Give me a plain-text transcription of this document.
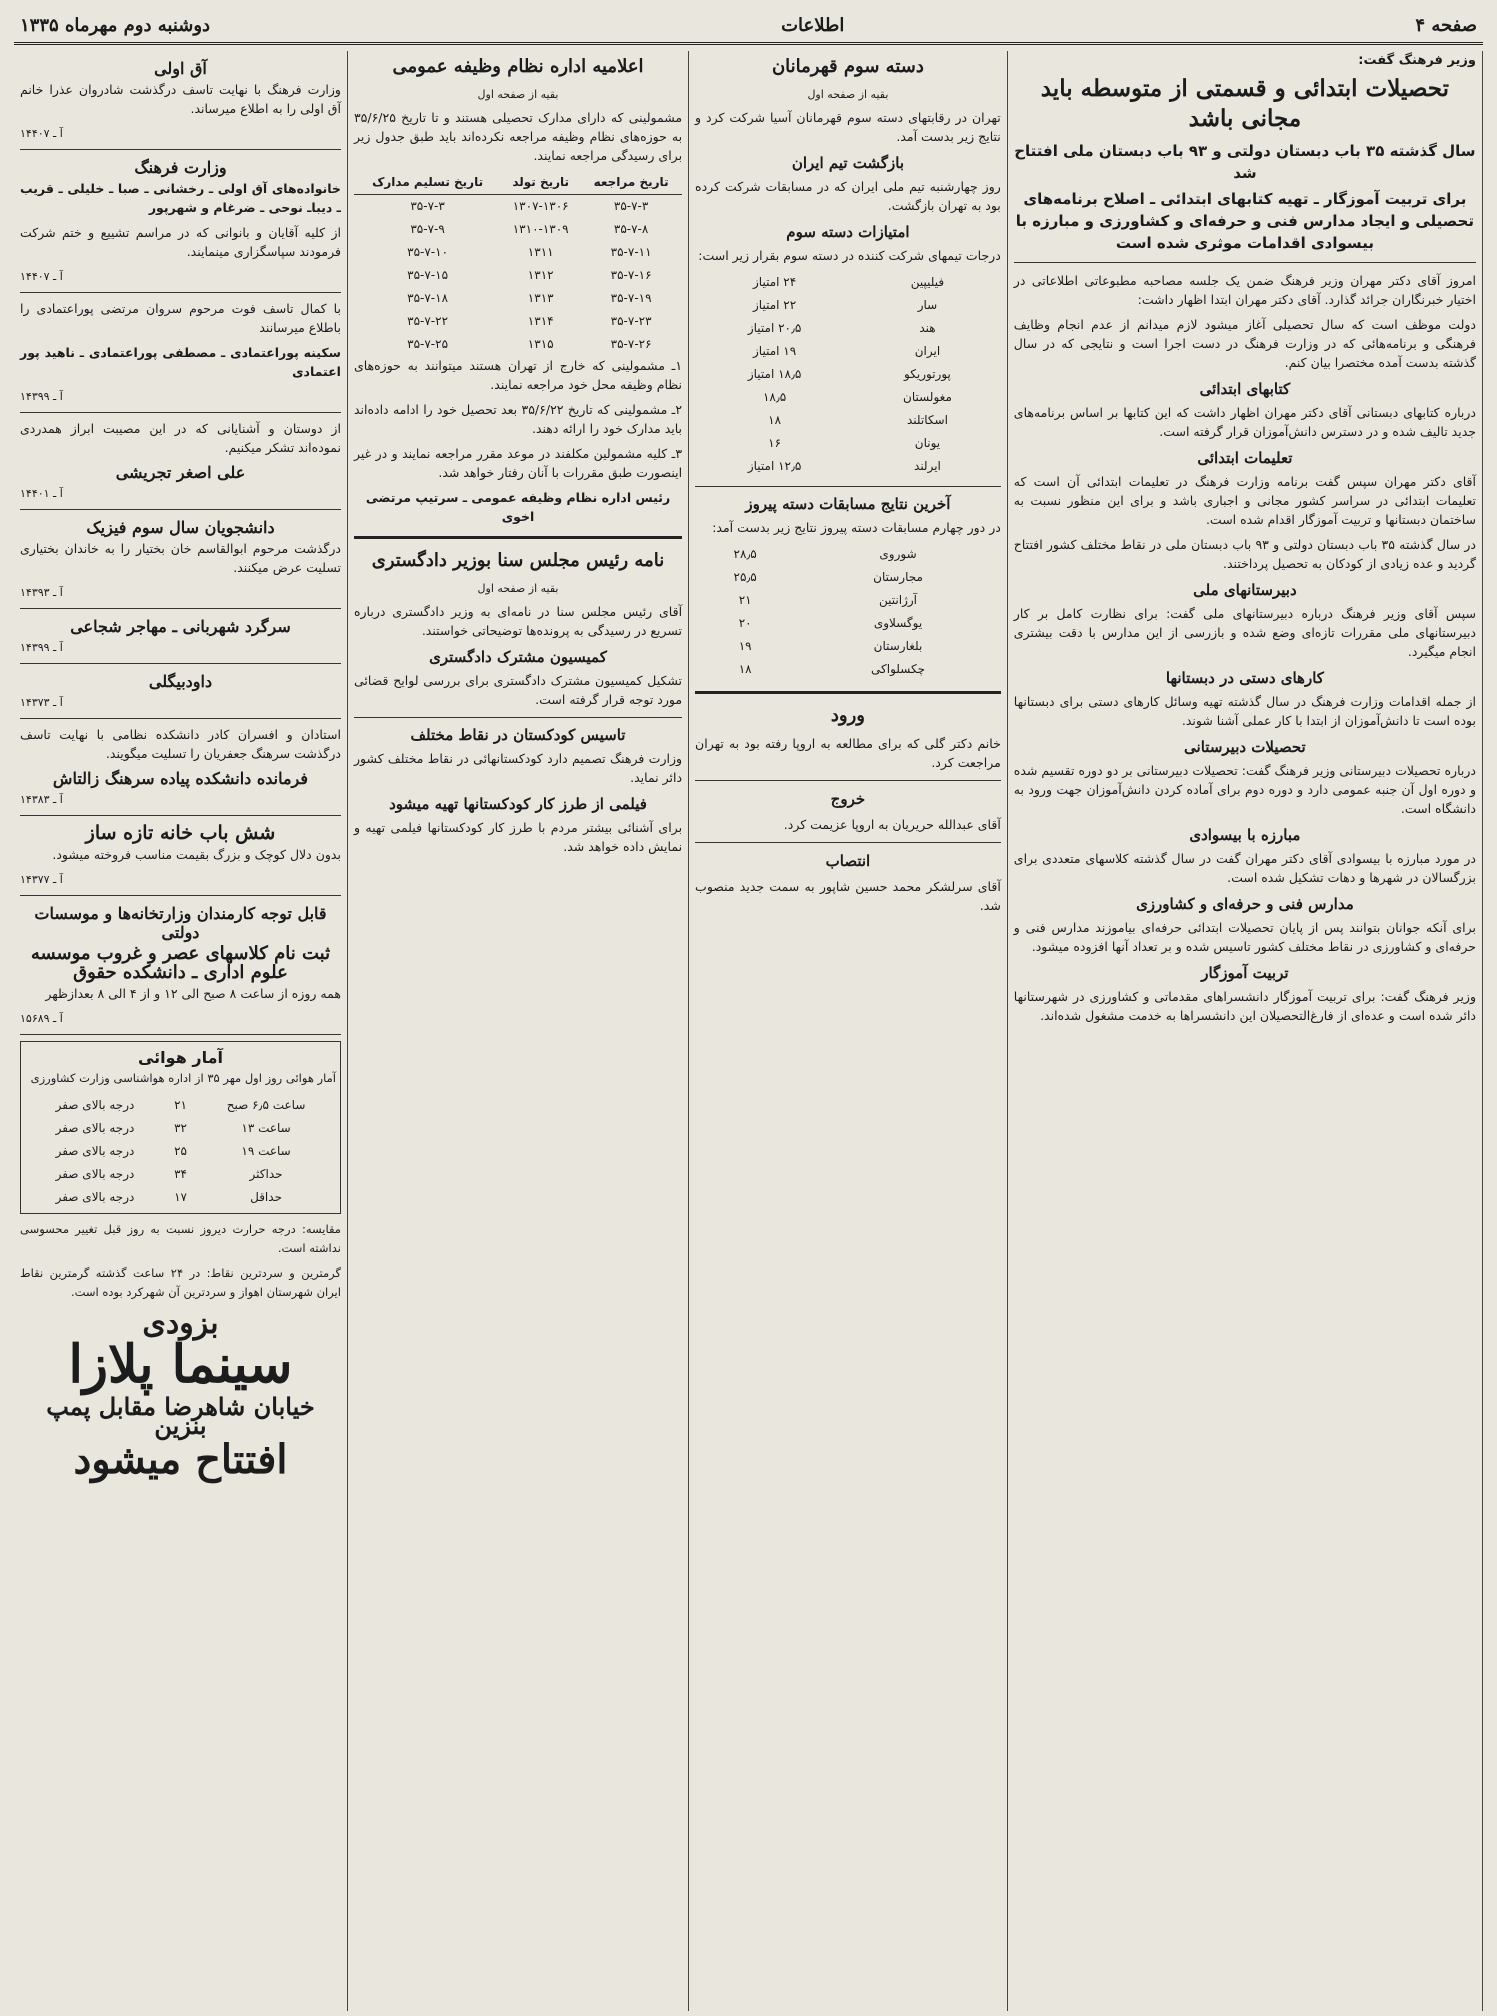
صفحه ۴
اطلاعات
دوشنبه دوم مهرماه ۱۳۳۵
وزیر فرهنگ گفت:
تحصیلات ابتدائی و قسمتی از متوسطه باید مجانی باشد
سال گذشته ۳۵ باب دبستان دولتی و ۹۳ باب دبستان ملی افتتاح شد
برای تربیت آموزگار ـ تهیه کتابهای ابتدائی ـ اصلاح برنامه‌های تحصیلی و ایجاد مدارس فنی و حرفه‌ای و کشاورزی و مبارزه با بیسوادی اقدامات موثری شده است

امروز آقای دکتر مهران وزیر فرهنگ ضمن یک جلسه مصاحبه مطبوعاتی اطلاعاتی در اختیار خبرنگاران جرائد گذارد. آقای دکتر مهران ابتدا اظهار داشت:

دولت موظف است که سال تحصیلی آغاز میشود لازم میدانم از عدم انجام وظایف فرهنگی و برنامه‌هائی که در وزارت فرهنگ در دست اجرا است و نتایجی که در سال گذشته بدست آمده مختصرا بیان کنم.

کتابهای ابتدائی

درباره کتابهای دبستانی آقای دکتر مهران اظهار داشت که این کتابها بر اساس برنامه‌های جدید تالیف شده و در دسترس دانش‌آموزان قرار گرفته است.

تعلیمات ابتدائی

آقای دکتر مهران سپس گفت برنامه وزارت فرهنگ در تعلیمات ابتدائی آن است که تعلیمات ابتدائی در سراسر کشور مجانی و اجباری باشد و برای این منظور نسبت به ساختمان دبستانها و تربیت آموزگار اقدام شده است.

در سال گذشته ۳۵ باب دبستان دولتی و ۹۳ باب دبستان ملی در نقاط مختلف کشور افتتاح گردید و عده زیادی از کودکان به تحصیل پرداختند.

دبیرستانهای ملی

سپس آقای وزیر فرهنگ درباره دبیرستانهای ملی گفت: برای نظارت کامل بر کار دبیرستانهای ملی مقررات تازه‌ای وضع شده و بازرسی از این مدارس با دقت بیشتری انجام میگیرد.

کارهای دستی در دبستانها

از جمله اقدامات وزارت فرهنگ در سال گذشته تهیه وسائل کارهای دستی برای دبستانها بوده است تا دانش‌آموزان از ابتدا با کار عملی آشنا شوند.

تحصیلات دبیرستانی

درباره تحصیلات دبیرستانی وزیر فرهنگ گفت: تحصیلات دبیرستانی بر دو دوره تقسیم شده و دوره اول آن جنبه عمومی دارد و دوره دوم برای آماده کردن دانش‌آموزان جهت ورود به دانشگاه است.

مبارزه با بیسوادی

در مورد مبارزه با بیسوادی آقای دکتر مهران گفت در سال گذشته کلاسهای متعددی برای بزرگسالان در شهرها و دهات تشکیل شده است.

مدارس فنی و حرفه‌ای و کشاورزی

برای آنکه جوانان بتوانند پس از پایان تحصیلات ابتدائی حرفه‌ای بیاموزند مدارس فنی و حرفه‌ای و کشاورزی در نقاط مختلف کشور تاسیس شده و بر تعداد آنها افزوده میشود.

تربیت آموزگار

وزیر فرهنگ گفت: برای تربیت آموزگار دانشسراهای مقدماتی و کشاورزی در شهرستانها دائر شده است و عده‌ای از فارغ‌التحصیلان این دانشسراها به خدمت مشغول شده‌اند.

دسته سوم قهرمانان
بقیه از صفحه اول

تهران در رقابتهای دسته سوم قهرمانان آسیا شرکت کرد و نتایج زیر بدست آمد.

بازگشت تیم ایران

روز چهارشنبه تیم ملی ایران که در مسابقات شرکت کرده بود به تهران بازگشت.

امتیازات دسته سوم

درجات تیمهای شرکت کننده در دسته سوم بقرار زیر است:

فیلیپین	۲۴ امتیاز
سار	۲۲ امتیاز
هند	۲۰٫۵ امتیاز
ایران	۱۹ امتیاز
پورتوریکو	۱۸٫۵ امتیاز
مغولستان	۱۸٫۵
اسکاتلند	۱۸
یونان	۱۶
ایرلند	۱۲٫۵ امتیاز
آخرین نتایج مسابقات دسته پیروز

در دور چهارم مسابقات دسته پیروز نتایج زیر بدست آمد:

شوروی	۲۸٫۵
مجارستان	۲۵٫۵
آرژانتین	۲۱
یوگسلاوی	۲۰
بلغارستان	۱۹
چکسلواکی	۱۸
ورود

خانم دکتر گلی که برای مطالعه به اروپا رفته بود به تهران مراجعت کرد.

خروج

آقای عبدالله حریریان به اروپا عزیمت کرد.

انتصاب

آقای سرلشکر محمد حسین شاپور به سمت جدید منصوب شد.

اعلامیه اداره نظام وظیفه عمومی
بقیه از صفحه اول

مشمولینی که دارای مدارک تحصیلی هستند و تا تاریخ ۳۵/۶/۲۵ به حوزه‌های نظام وظیفه مراجعه نکرده‌اند باید طبق جدول زیر برای رسیدگی مراجعه نمایند.

تاریخ مراجعه	تاریخ تولد	تاریخ تسلیم مدارک
۳۵-۷-۳	۱۳۰۷-۱۳۰۶	۳۵-۷-۳
۳۵-۷-۸	۱۳۱۰-۱۳۰۹	۳۵-۷-۹
۳۵-۷-۱۱	۱۳۱۱	۳۵-۷-۱۰
۳۵-۷-۱۶	۱۳۱۲	۳۵-۷-۱۵
۳۵-۷-۱۹	۱۳۱۳	۳۵-۷-۱۸
۳۵-۷-۲۳	۱۳۱۴	۳۵-۷-۲۲
۳۵-۷-۲۶	۱۳۱۵	۳۵-۷-۲۵

۱ـ مشمولینی که خارج از تهران هستند میتوانند به حوزه‌های نظام وظیفه محل خود مراجعه نمایند.

۲ـ مشمولینی که تاریخ ۳۵/۶/۲۲ بعد تحصیل خود را ادامه داده‌اند باید مدارک خود را ارائه دهند.

۳ـ کلیه مشمولین مکلفند در موعد مقرر مراجعه نمایند و در غیر اینصورت طبق مقررات با آنان رفتار خواهد شد.

رئیس اداره نظام وظیفه عمومی ـ سرتیپ مرتضی اخوی

نامه رئیس مجلس سنا بوزیر دادگستری
بقیه از صفحه اول

آقای رئیس مجلس سنا در نامه‌ای به وزیر دادگستری درباره تسریع در رسیدگی به پرونده‌ها توضیحاتی خواستند.

کمیسیون مشترک دادگستری

تشکیل کمیسیون مشترک دادگستری برای بررسی لوایح قضائی مورد توجه قرار گرفته است.

تاسیس کودکستان در نقاط مختلف

وزارت فرهنگ تصمیم دارد کودکستانهائی در نقاط مختلف کشور دائر نماید.

فیلمی از طرز کار کودکستانها تهیه میشود

برای آشنائی بیشتر مردم با طرز کار کودکستانها فیلمی تهیه و نمایش داده خواهد شد.

آق اولی

وزارت فرهنگ با نهایت تاسف درگذشت شادروان عذرا خانم آق اولی را به اطلاع میرساند.

آ ـ ۱۴۴۰۷
وزارت فرهنگ

خانواده‌های آق اولی ـ رخشانی ـ صبا ـ خلیلی ـ قریب ـ دیباـ نوحی ـ ضرغام و شهرپور

از کلیه آقایان و بانوانی که در مراسم تشییع و ختم شرکت فرمودند سپاسگزاری مینمایند.

آ ـ ۱۴۴۰۷

با کمال تاسف فوت مرحوم سروان مرتضی پوراعتمادی را باطلاع میرسانند

سکینه پوراعتمادی ـ مصطفی پوراعتمادی ـ ناهید پور اعتمادی

آ ـ ۱۴۳۹۹

از دوستان و آشنایانی که در این مصیبت ابراز همدردی نموده‌اند تشکر میکنیم.

علی اصغر تجریشی
آ ـ ۱۴۴۰۱
دانشجویان سال سوم فیزیک

درگذشت مرحوم ابوالقاسم خان بختیار را به خاندان بختیاری تسلیت عرض میکنند.

آ ـ ۱۴۳۹۳
سرگرد شهربانی ـ مهاجر شجاعی
آ ـ ۱۴۳۹۹
داودبیگلی
آ ـ ۱۴۳۷۳

استادان و افسران کادر دانشکده نظامی با نهایت تاسف درگذشت سرهنگ جعفریان را تسلیت میگویند.

فرمانده دانشکده پیاده سرهنگ زالتاش
آ ـ ۱۴۳۸۳
شش باب خانه تازه ساز

بدون دلال کوچک و بزرگ بقیمت مناسب فروخته میشود.

آ ـ ۱۴۳۷۷
قابل توجه کارمندان وزارتخانه‌ها و موسسات دولتی
ثبت نام کلاسهای عصر و غروب موسسه علوم اداری ـ دانشکده حقوق

همه روزه از ساعت ۸ صبح الی ۱۲ و از ۴ الی ۸ بعدازظهر

آ ـ ۱۵۶۸۹
آمار هوائی

آمار هوائی روز اول مهر ۳۵ از اداره هواشناسی وزارت کشاورزی

ساعت ۶٫۵ صبح	۲۱	درجه بالای صفر
ساعت ۱۳	۳۲	درجه بالای صفر
ساعت ۱۹	۲۵	درجه بالای صفر
حداکثر	۳۴	درجه بالای صفر
حداقل	۱۷	درجه بالای صفر

مقایسه: درجه حرارت دیروز نسبت به روز قبل تغییر محسوسی نداشته است.

گرمترین و سردترین نقاط: در ۲۴ ساعت گذشته گرمترین نقاط ایران شهرستان اهواز و سردترین آن شهرکرد بوده است.

بزودی
سینما پلازا
خیابان شاهرضا مقابل پمپ بنزین
افتتاح میشود
